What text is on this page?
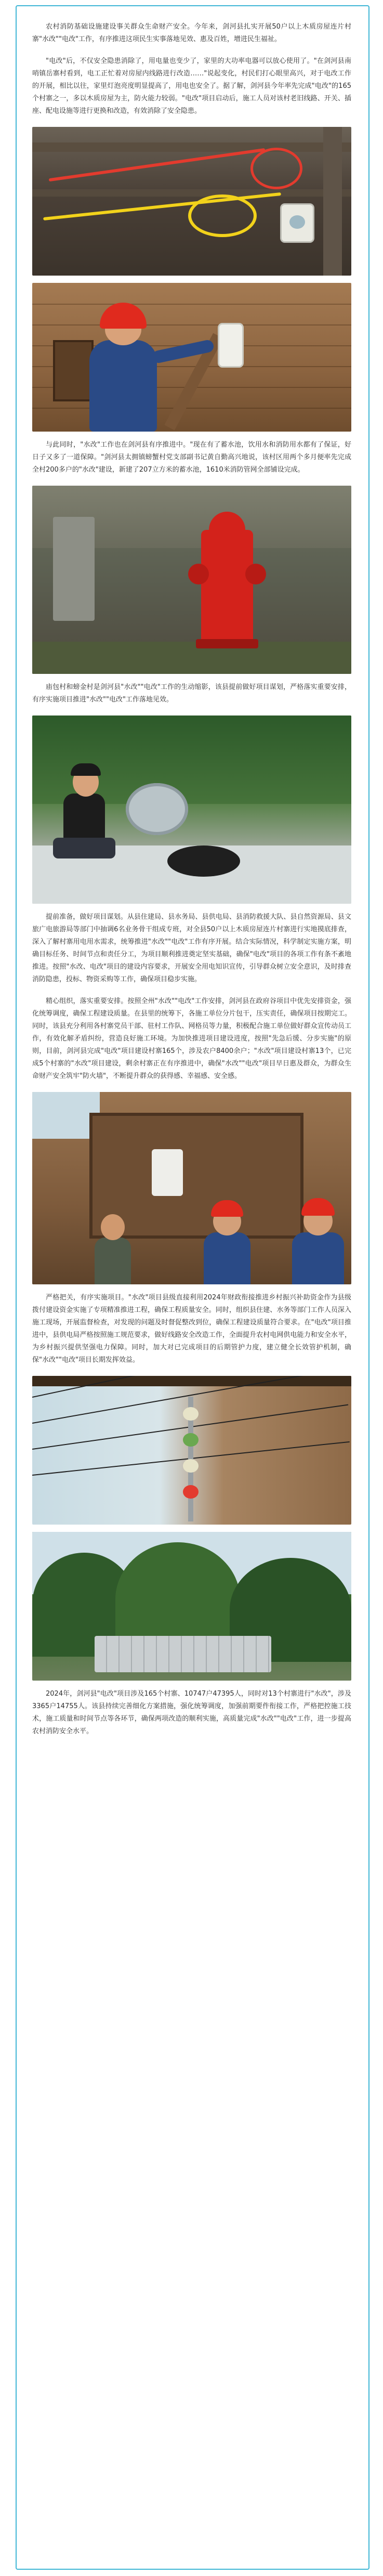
农村消防基础设施建设事关群众生命财产安全。今年来，剑河县扎实开展50户以上木质房屋连片村寨"水改""电改"工作，有序推进这项民生实事落地见效、惠及百姓，增进民生福祉。

"电改"后，不仅安全隐患消除了，用电量也变少了，家里的大功率电器可以放心使用了。"在剑河县南哨镇岳寨村看到，电工正忙着对房屋内线路进行改造……"说起变化，村民们打心眼里高兴，对于电改工作的开展，相比以往，家里灯泡亮度明显提高了，用电也安全了。据了解，剑河县今年率先完成"电改"的165个村寨之一，多以木质房屋为主，防火能力较弱。"电改"项目启动后，施工人员对该村老旧线路、开关、插座、配电设施等进行更换和改造，有效消除了安全隐患。

与此同时，"水改"工作也在剑河县有序推进中。"现在有了蓄水池，饮用水和消防用水都有了保证，好日子又多了一道保障。"剑河县太拥镇螃蟹村党支部副书记黄自勤高兴地说，该村区用两个多月便率先完成全村200多户的"水改"建设，新建了207立方米的蓄水池，1610米消防管网全部铺设完成。

庙包村和螃金村是剑河县"水改""电改"工作的生动缩影，该县提前做好项目谋划，严格落实重要安排，有序实施项目推进"水改""电改"工作落地见效。

提前准备，做好项目谋划。从县住建局、县水务局、县供电局、县消防救援大队、县自然资源局、县文旅广电旅游局等部门中抽调6名业务骨干组成专班，对全县50户以上木质房屋连片村寨进行实地摸底排查，深入了解村寨用电用水需求，统筹推进"水改""电改"工作有序开展。结合实际情况，科学制定实施方案，明确目标任务、时间节点和责任分工，为项目顺利推进奠定坚实基础，确保"电改"项目的各项工作有条不紊地推进。按照"水改、电改"项目的建设内容要求，开展安全用电知识宣传，引导群众树立安全意识，及时排查消防隐患，投标、物资采购等工作，确保项目稳步实施。

精心组织，落实重要安排。按照全州"水改""电改"工作安排，剑河县在政府谷项目中优先安排资金，强化统筹调度，确保工程建设质量。在县里的统筹下，各施工单位分片包干，压实责任，确保项目按期完工。同时，该县充分利用各村寨党员干部、驻村工作队、网格员等力量，积极配合施工单位做好群众宣传动员工作，有效化解矛盾纠纷，营造良好施工环境。为加快推进项目建设进度，按照"先急后缓、分步实施"的原则，目前，剑河县完成"电改"项目建设村寨165个，涉及农户8400余户；"水改"项目建设村寨13个，已完成5个村寨的"水改"项目建设，剩余村寨正在有序推进中，确保"水改""电改"项目早日惠及群众，为群众生命财产安全筑牢"防火墙"，不断提升群众的获得感、幸福感、安全感。

严格把关，有序实施项目。"水改"项目县级直接利用2024年财政衔接推进乡村振兴补助资金作为县级拨付建设资金实施了专项精准推进工程，确保工程质量安全。同时，组织县住建、水务等部门工作人员深入施工现场，开展监督检查，对发现的问题及时督促整改到位，确保工程建设质量符合要求。在"电改"项目推进中，县供电局严格按照施工规范要求，做好线路安全改造工作，全面提升农村电网供电能力和安全水平，为乡村振兴提供坚强电力保障。同时，加大对已完成项目的后期管护力度，建立健全长效管护机制，确保"水改""电改"项目长期发挥效益。

2024年，剑河县"电改"项目涉及165个村寨、10747户47395人，同时对13个村寨进行"水改"，涉及3365户14755人。该县持续完善细化方案措施，强化统筹调度，加强前期要件衔接工作，严格把控施工技术，施工质量和时间节点等各环节，确保两项改造的顺利实施，高质量完成"水改""电改"工作，进一步提高农村消防安全水平。
